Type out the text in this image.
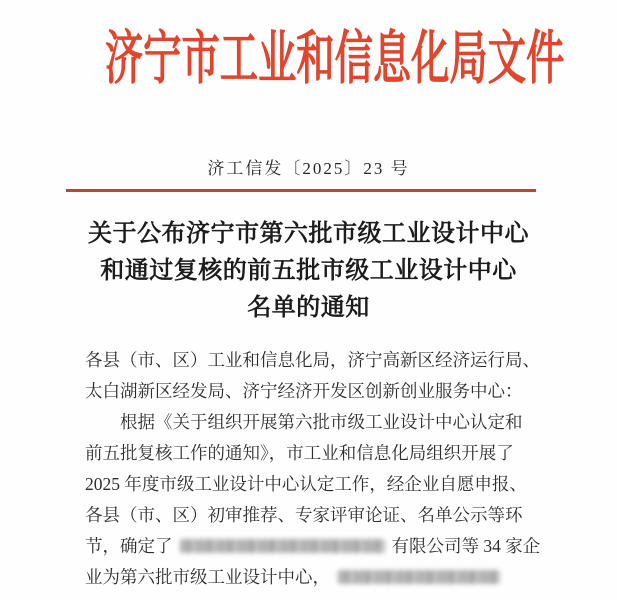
济宁市工业和信息化局文件
济工信发〔2025〕23 号
关于公布济宁市第六批市级工业设计中心
和通过复核的前五批市级工业设计中心
名单的通知
各县（市、区）工业和信息化局，济宁高新区经济运行局、
太白湖新区经发局、济宁经济开发区创新创业服务中心：
根据《关于组织开展第六批市级工业设计中心认定和
前五批复核工作的通知》，市工业和信息化局组织开展了
2025 年度市级工业设计中心认定工作，经企业自愿申报、
各县（市、区）初审推荐、专家评审论证、名单公示等环
节，确定了	有限公司等 34 家企
业为第六批市级工业设计中心，
